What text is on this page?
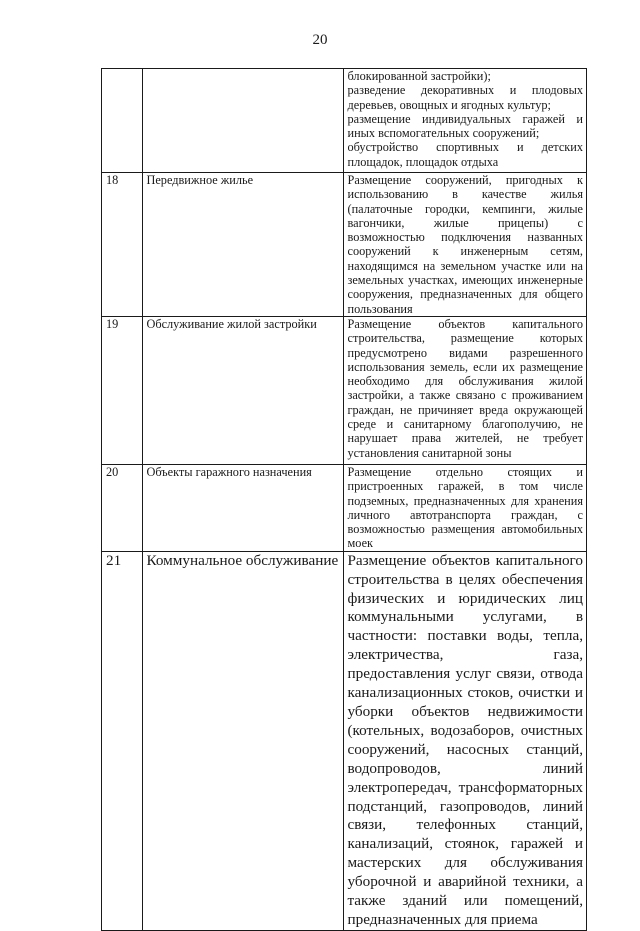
20

		блокированной застройки);
разведение декоративных и плодовых деревьев, овощных и ягодных культур;
размещение индивидуальных гаражей и иных вспомогательных сооружений;
обустройство спортивных и детских площадок, площадок отдыха

18	Передвижное жилье	Размещение сооружений, пригодных к использованию в качестве жилья (палаточные городки, кемпинги, жилые вагончики, жилые прицепы) с возможностью подключения названных сооружений к инженерным сетям, находящимся на земельном участке или на земельных участках, имеющих инженерные сооружения, предназначенных для общего пользования

19	Обслуживание жилой застройки	Размещение объектов капитального строительства, размещение которых предусмотрено видами разрешенного использования земель, если их размещение необходимо для обслуживания жилой застройки, а также связано с проживанием граждан, не причиняет вреда окружающей среде и санитарному благополучию, не нарушает права жителей, не требует установления санитарной зоны

20	Объекты гаражного назначения	Размещение отдельно стоящих и пристроенных гаражей, в том числе подземных, предназначенных для хранения личного автотранспорта граждан, с возможностью размещения автомобильных моек

21	Коммунальное обслуживание	Размещение объектов капитального строительства в целях обеспечения физических и юридических лиц коммунальными услугами, в частности: поставки воды, тепла, электричества, газа, предоставления услуг связи, отвода канализационных стоков, очистки и уборки объектов недвижимости (котельных, водозаборов, очистных сооружений, насосных станций, водопроводов, линий электропередач, трансформаторных подстанций, газопроводов, линий связи, телефонных станций, канализаций, стоянок, гаражей и мастерских для обслуживания уборочной и аварийной техники, а также зданий или помещений, предназначенных для приема
